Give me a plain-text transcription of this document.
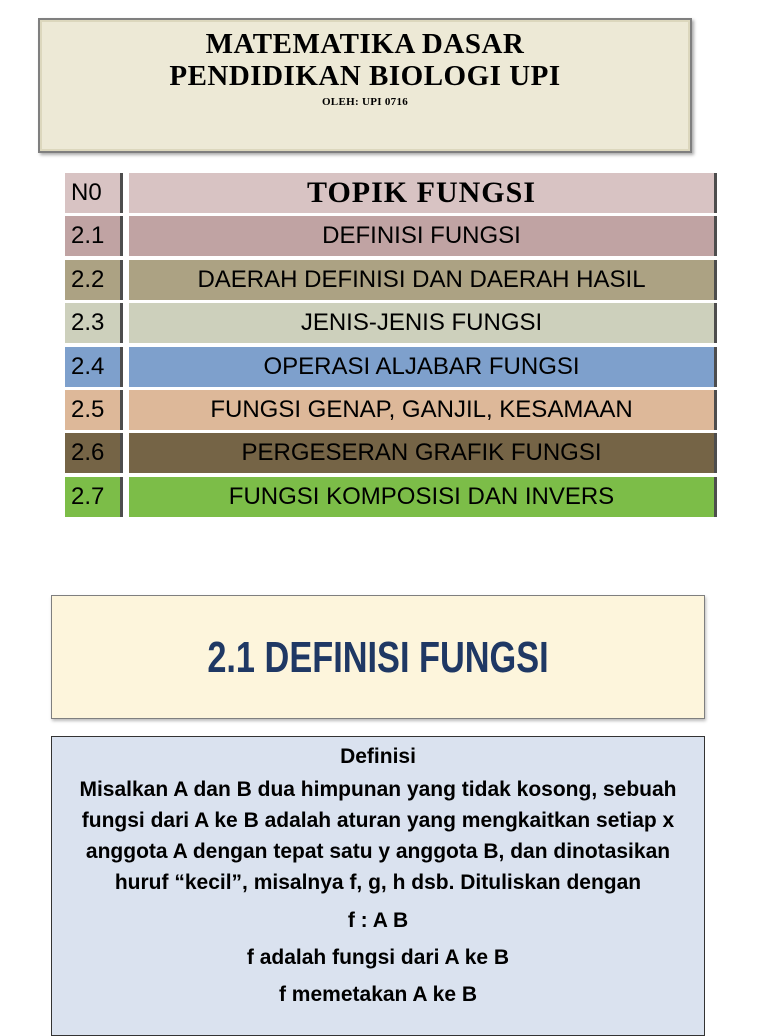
MATEMATIKA DASAR
PENDIDIKAN BIOLOGI UPI
OLEH: UPI 0716
N0	TOPIK FUNGSI
2.1	DEFINISI FUNGSI
2.2	DAERAH DEFINISI DAN DAERAH HASIL
2.3	JENIS-JENIS FUNGSI
2.4	OPERASI ALJABAR FUNGSI
2.5	FUNGSI GENAP, GANJIL, KESAMAAN
2.6	PERGESERAN GRAFIK FUNGSI
2.7	FUNGSI KOMPOSISI DAN INVERS
2.1 DEFINISI FUNGSI
Definisi
Misalkan A dan B dua himpunan yang tidak kosong, sebuah fungsi dari A ke B adalah aturan yang mengkaitkan setiap x anggota A dengan tepat satu y anggota B, dan dinotasikan huruf “kecil”, misalnya f, g, h dsb. Dituliskan dengan
f : A B
f adalah fungsi dari A ke B
f memetakan A ke B
